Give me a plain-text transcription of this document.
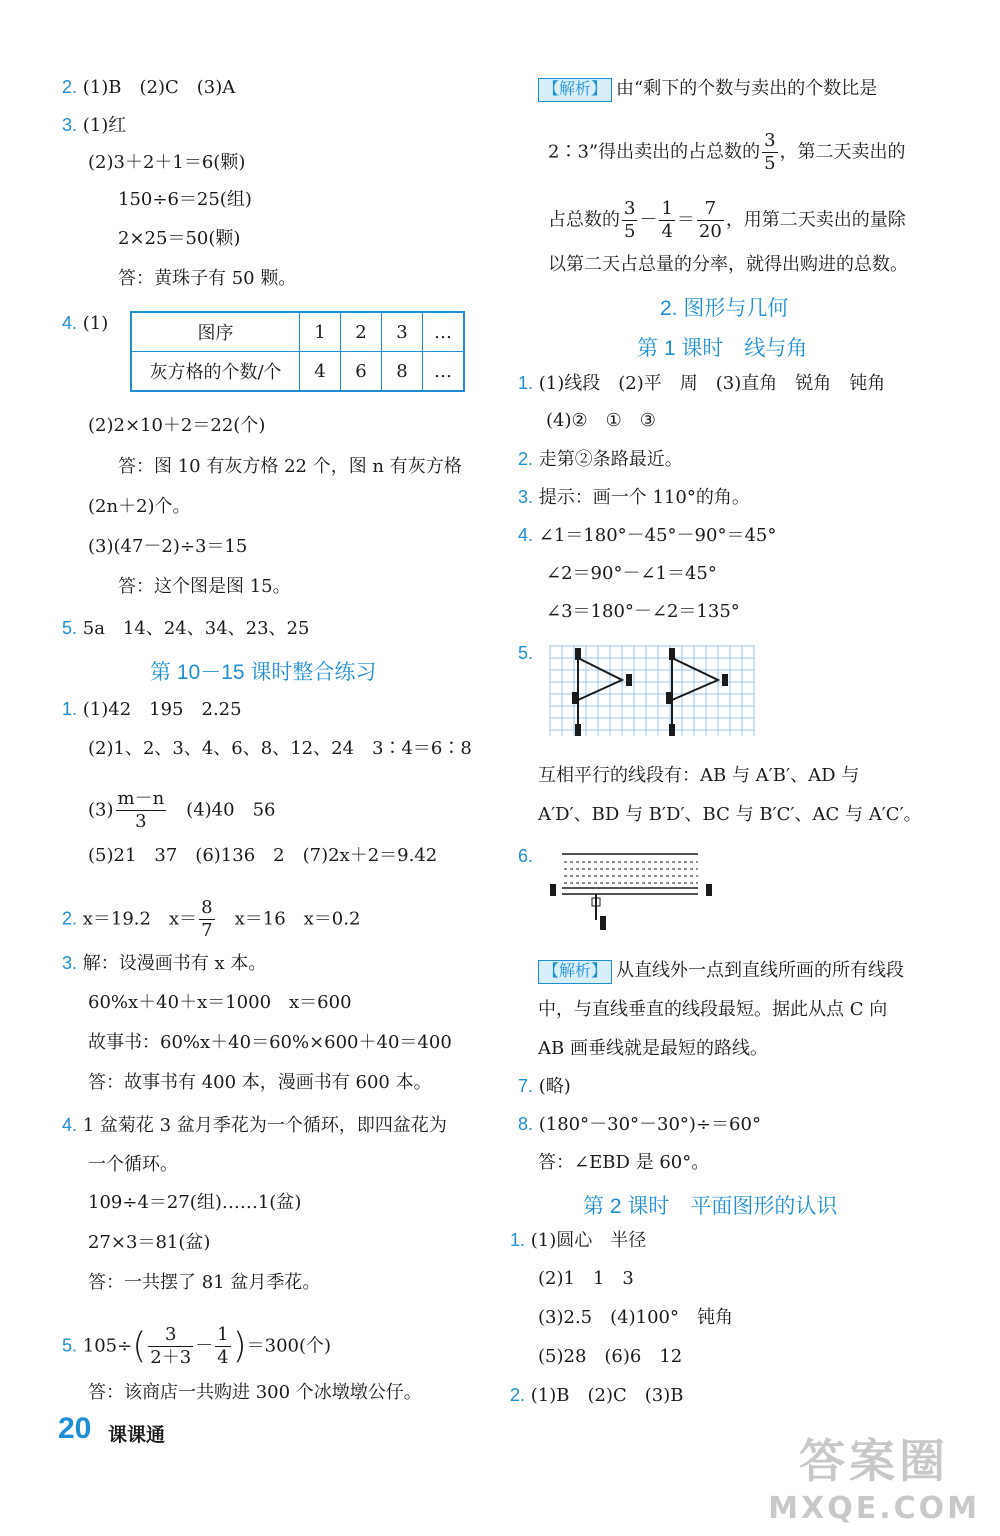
2. (1)B　(2)C　(3)A
3. (1)红
(2)3＋2＋1＝6(颗)
150÷6＝25(组)
2×25＝50(颗)
答：黄珠子有 50 颗。
4. (1)	图序	1	2	3	…
灰方格的个数/个	4	6	8	…
(2)2×10＋2＝22(个)
答：图 10 有灰方格 22 个，图 n 有灰方格
(2n＋2)个。
(3)(47－2)÷3＝15
答：这个图是图 15。
5. 5a　14、24、34、23、25
第 10－15 课时整合练习
1. (1)42　195　2.25
(2)1、2、3、4、6、8、12、24　3∶4＝6∶8
$(3) \frac{m-n}{3}$ 　(4)40　56
(5)21　37　(6)136　2　(7)2x＋2＝9.42
2. x＝19.2　$x= \frac{8}{7}$ 　x＝16　x＝0.2
3. 解：设漫画书有 x 本。
60%x＋40＋x＝1000　x＝600
故事书：60%x＋40＝60%×600＋40＝400
答：故事书有 400 本，漫画书有 600 本。
4. 1 盆菊花 3 盆月季花为一个循环，即四盆花为
一个循环。
109÷4＝27(组)……1(盆)
27×3＝81(盆)
答：一共摆了 81 盆月季花。
5. $105\div( \frac{3}{2+3} - \frac{1}{4} )=300$(个)
答：该商店一共购进 300 个冰墩墩公仔。
【解析】 由“剩下的个数与卖出的个数比是
2∶3”得出卖出的占总数的 $\frac{3}{5}$ ，第二天卖出的
占总数的 $\frac{3}{5} - \frac{1}{4} = \frac{7}{20}$ ，用第二天卖出的量除
以第二天占总量的分率，就得出购进的总数。
2. 图形与几何
第 1 课时　线与角
1. (1)线段　(2)平　周　(3)直角　锐角　钝角
(4)②　①　③
2. 走第②条路最近。
3. 提示：画一个 110°的角。
4. ∠1＝180°－45°－90°＝45°
∠2＝90°－∠1＝45°
∠3＝180°－∠2＝135°
5.
互相平行的线段有：AB 与 A′B′、AD 与
A′D′、BD 与 B′D′、BC 与 B′C′、AC 与 A′C′。
6.
【解析】 从直线外一点到直线所画的所有线段
中，与直线垂直的线段最短。据此从点 C 向
AB 画垂线就是最短的路线。
7. (略)
8. (180°－30°－30°)÷＝60°
答：∠EBD 是 60°。
第 2 课时　平面图形的认识
1. (1)圆心　半径
(2)1　1　3
(3)2.5　(4)100°　钝角
(5)28　(6)6　12
2. (1)B　(2)C　(3)B
20 课课通	答案圈
MXQE.COM
